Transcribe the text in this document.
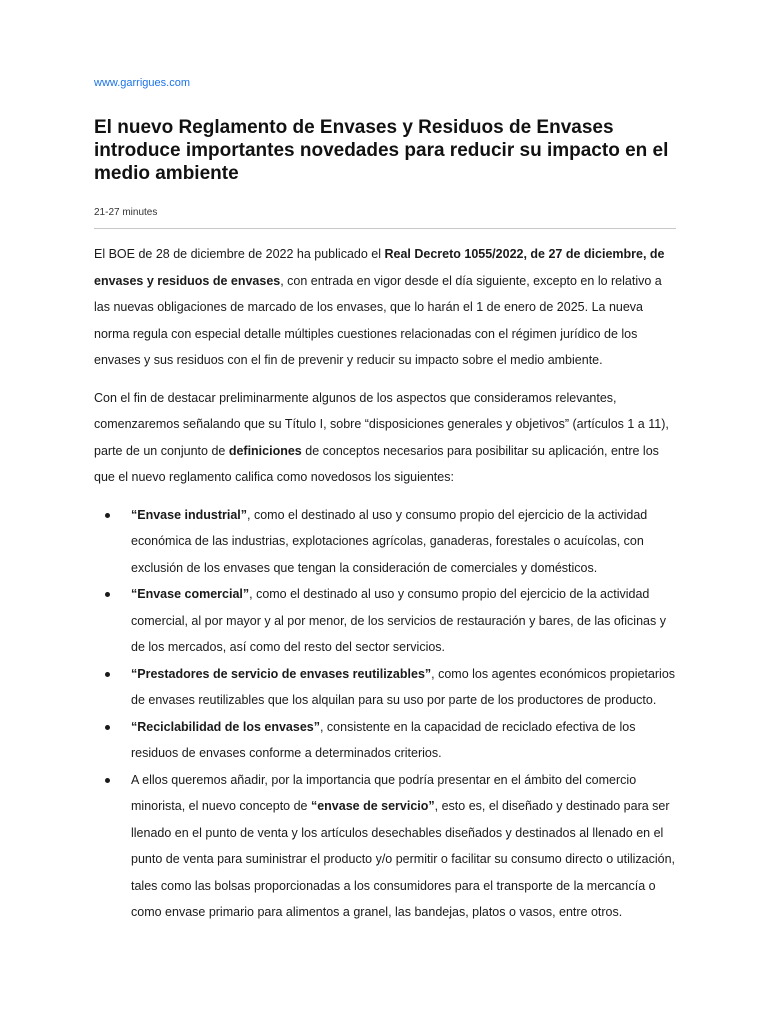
www.garrigues.com
El nuevo Reglamento de Envases y Residuos de Envases introduce importantes novedades para reducir su impacto en el medio ambiente
21-27 minutes

El BOE de 28 de diciembre de 2022 ha publicado el Real Decreto 1055/2022, de 27 de diciembre, de envases y residuos de envases, con entrada en vigor desde el día siguiente, excepto en lo relativo a las nuevas obligaciones de marcado de los envases, que lo harán el 1 de enero de 2025. La nueva norma regula con especial detalle múltiples cuestiones relacionadas con el régimen jurídico de los envases y sus residuos con el fin de prevenir y reducir su impacto sobre el medio ambiente.

Con el fin de destacar preliminarmente algunos de los aspectos que consideramos relevantes, comenzaremos señalando que su Título I, sobre “disposiciones generales y objetivos” (artículos 1 a 11), parte de un conjunto de definiciones de conceptos necesarios para posibilitar su aplicación, entre los que el nuevo reglamento califica como novedosos los siguientes:

“Envase industrial”, como el destinado al uso y consumo propio del ejercicio de la actividad económica de las industrias, explotaciones agrícolas, ganaderas, forestales o acuícolas, con exclusión de los envases que tengan la consideración de comerciales y domésticos.
“Envase comercial”, como el destinado al uso y consumo propio del ejercicio de la actividad comercial, al por mayor y al por menor, de los servicios de restauración y bares, de las oficinas y de los mercados, así como del resto del sector servicios.
“Prestadores de servicio de envases reutilizables”, como los agentes económicos propietarios de envases reutilizables que los alquilan para su uso por parte de los productores de producto.
“Reciclabilidad de los envases”, consistente en la capacidad de reciclado efectiva de los residuos de envases conforme a determinados criterios.
A ellos queremos añadir, por la importancia que podría presentar en el ámbito del comercio minorista, el nuevo concepto de “envase de servicio”, esto es, el diseñado y destinado para ser llenado en el punto de venta y los artículos desechables diseñados y destinados al llenado en el punto de venta para suministrar el producto y/o permitir o facilitar su consumo directo o utilización, tales como las bolsas proporcionadas a los consumidores para el transporte de la mercancía o como envase primario para alimentos a granel, las bandejas, platos o vasos, entre otros.
